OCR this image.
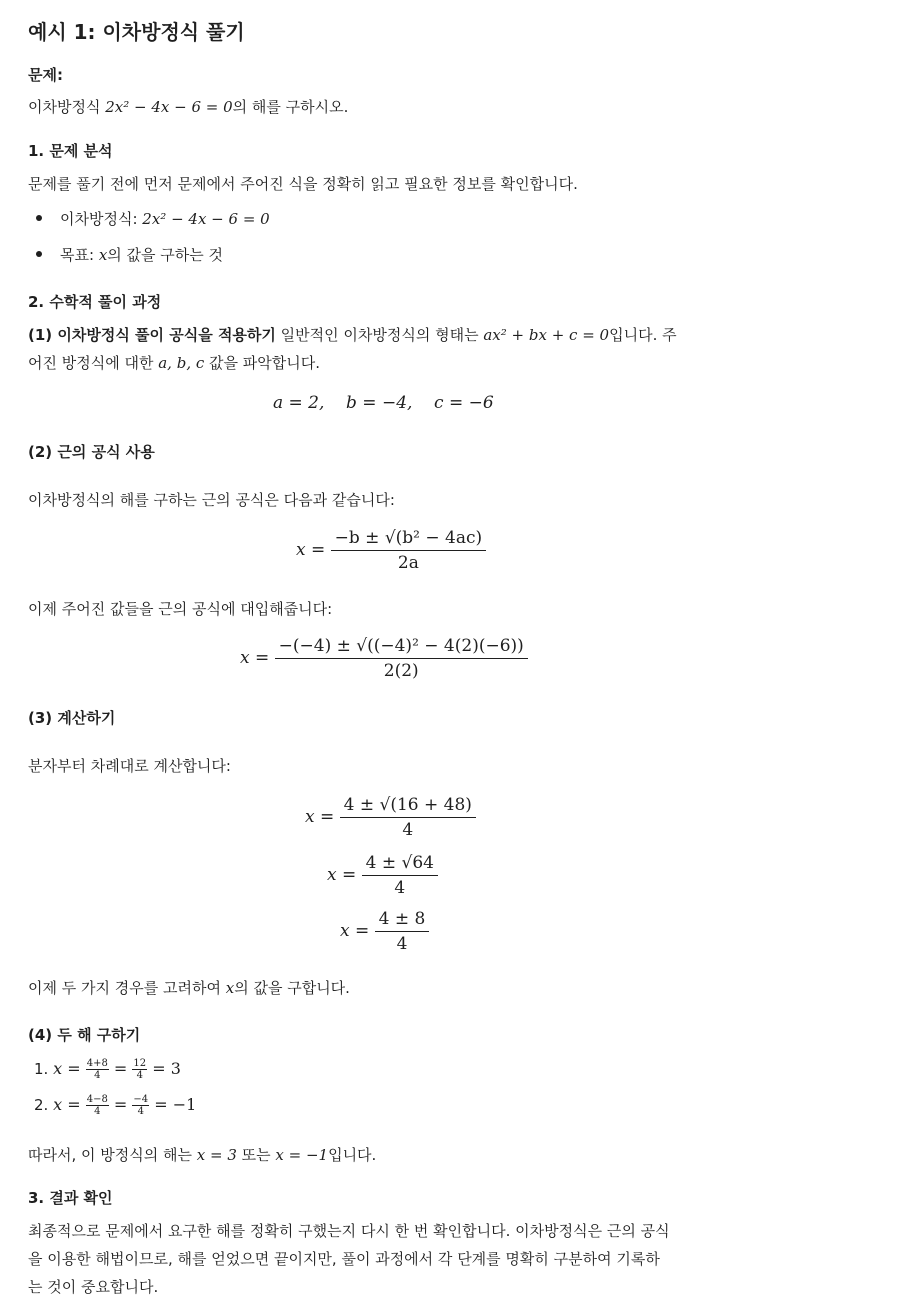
예시 1: 이차방정식 풀기
문제:
이차방정식 2x² − 4x − 6 = 0의 해를 구하시오.
1. 문제 분석
문제를 풀기 전에 먼저 문제에서 주어진 식을 정확히 읽고 필요한 정보를 확인합니다.
이차방정식: 2x² − 4x − 6 = 0
목표: x의 값을 구하는 것
2. 수학적 풀이 과정
(1) 이차방정식 풀이 공식을 적용하기 일반적인 이차방정식의 형태는 ax² + bx + c = 0입니다. 주
어진 방정식에 대한 a, b, c 값을 파악합니다.
a = 2,    b = −4,    c = −6
(2) 근의 공식 사용
이차방정식의 해를 구하는 근의 공식은 다음과 같습니다:
$x = \frac{\text{−b ± √(b² − 4ac)}}{2a}$
이제 주어진 값들을 근의 공식에 대입해줍니다:
$x = \frac{\text{−(−4) ± √((−4)² − 4(2)(−6))}}{2(2)}$
(3) 계산하기
분자부터 차례대로 계산합니다:
$x = \frac{4 \pm √(16 + 48)}{4}$
$x = \frac{4 \pm √64}{4}$
$x = \frac{4 \pm 8}{4}$
이제 두 가지 경우를 고려하여 x의 값을 구합니다.
(4) 두 해 구하기
1. $x = \frac{4+8}{4} = \frac{12}{4} = 3$
2. $x = \frac{4-8}{4} = \frac{-4}{4} = -1$
따라서, 이 방정식의 해는 x = 3 또는 x = −1입니다.
3. 결과 확인
최종적으로 문제에서 요구한 해를 정확히 구했는지 다시 한 번 확인합니다. 이차방정식은 근의 공식
을 이용한 해법이므로, 해를 얻었으면 끝이지만, 풀이 과정에서 각 단계를 명확히 구분하여 기록하
는 것이 중요합니다.
